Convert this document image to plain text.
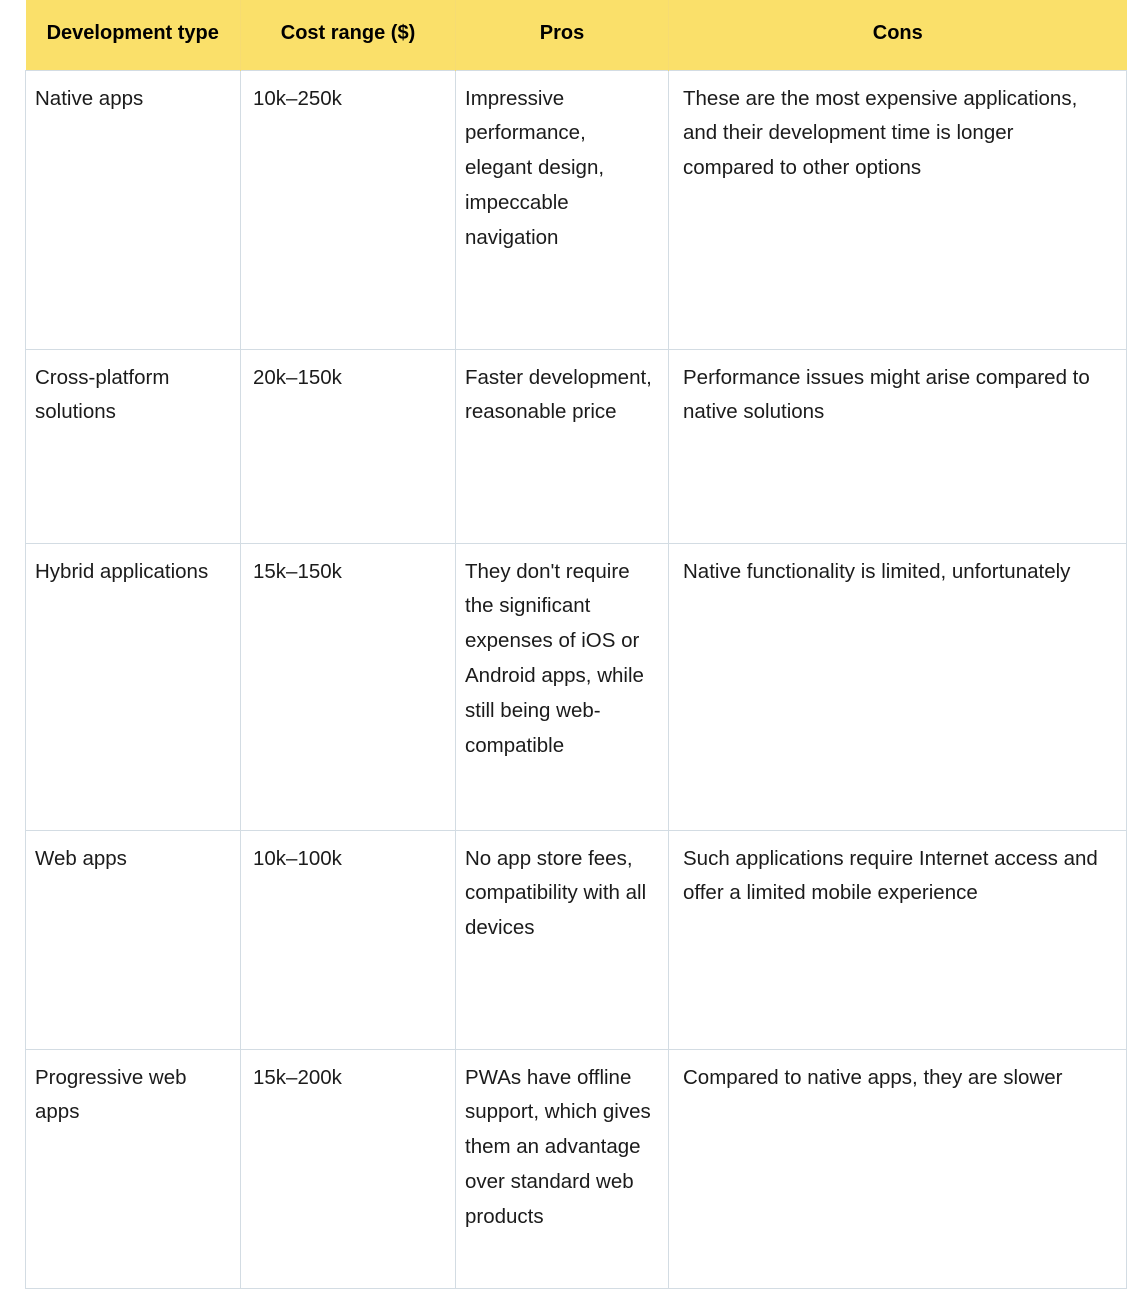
Development type	Cost range ($)	Pros	Cons
Native apps	10k–250k	Impressive performance, elegant design, impeccable navigation	These are the most expensive applications, and their development time is longer compared to other options
Cross-platform solutions	20k–150k	Faster development, reasonable price	Performance issues might arise compared to native solutions
Hybrid applications	15k–150k	They don't require the significant expenses of iOS or Android apps, while still being web-compatible	Native functionality is limited, unfortunately
Web apps	10k–100k	No app store fees, compatibility with all devices	Such applications require Internet access and offer a limited mobile experience
Progressive web apps	15k–200k	PWAs have offline support, which gives them an advantage over standard web products	Compared to native apps, they are slower
